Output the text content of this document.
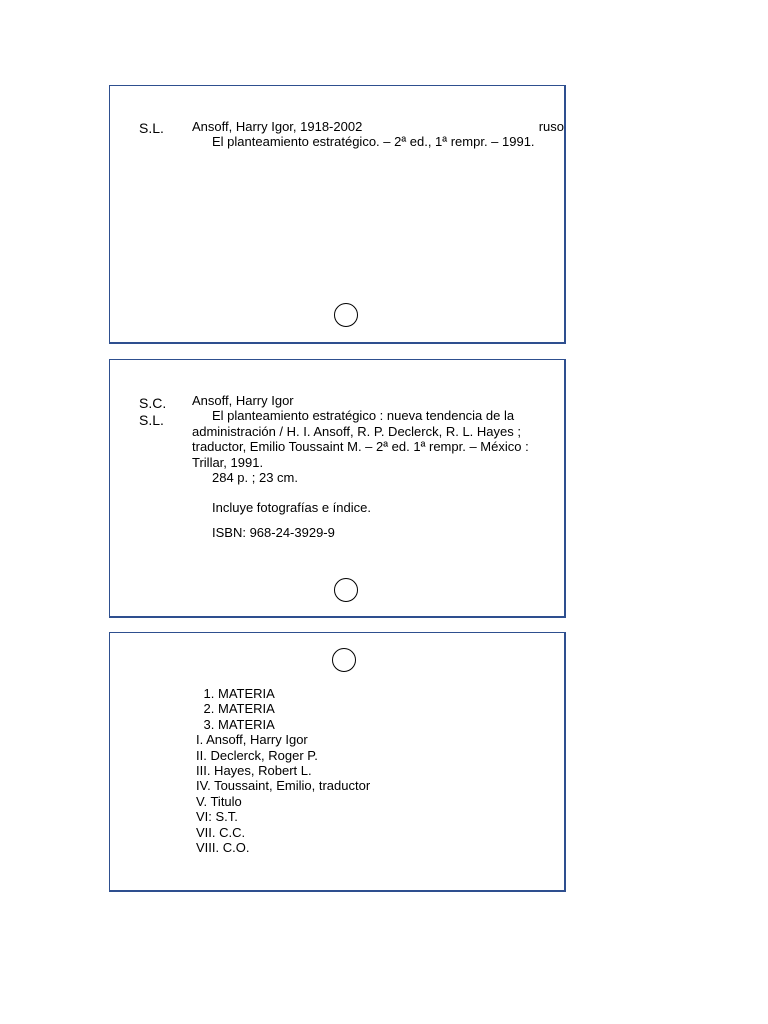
S.L. Ansoff, Harry Igor, 1918-2002	ruso
El planteamiento estratégico. – 2ª ed., 1ª rempr. – 1991.
S.C.
S.L.
Ansoff, Harry Igor
El planteamiento estratégico : nueva tendencia de la
administración / H. I. Ansoff, R. P. Declerck, R. L. Hayes ; traductor, Emilio Toussaint M. – 2ª ed. 1ª rempr. – México : Trillar, 1991.
284 p. ; 23 cm.
Incluye fotografías e índice.
ISBN: 968-24-3929-9
1. MATERIA
2. MATERIA
3. MATERIA
I. Ansoff, Harry Igor
II. Declerck, Roger P.
III. Hayes, Robert L.
IV. Toussaint, Emilio, traductor
V. Titulo
VI: S.T.
VII. C.C.
VIII. C.O.
